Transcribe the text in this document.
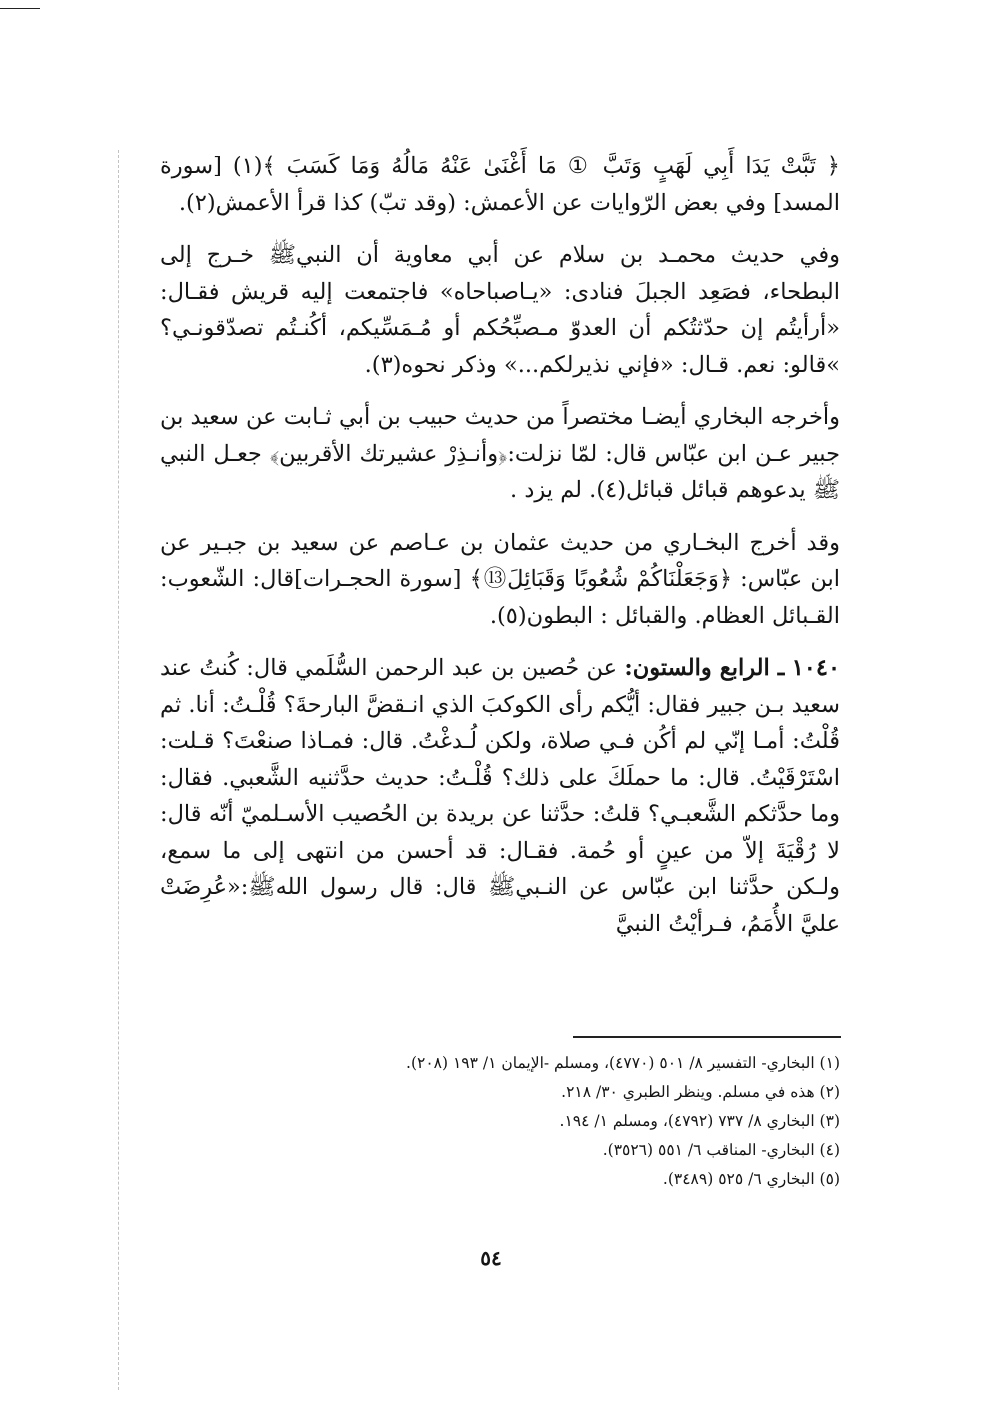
﴿ تَبَّتْ يَدَا أَبِي لَهَبٍ وَتَبَّ ① مَا أَغْنَىٰ عَنْهُ مَالُهُ وَمَا كَسَبَ ﴾(١) [سورة المسد] وفي بعض الرّوايات عن الأعمش: (وقد تبّ) كذا قرأ الأعمش(٢).

وفي حديث محمـد بن سلام عن أبي معاوية أن النبيﷺ خـرج إلى البطحاء، فصَعِد الجبلَ فنادى: «يـاصباحاه» فاجتمعت إليه قريش فقـال: «أرأيتُم إن حدّثتُكم أن العدوّ مـصبِّحُكم أو مُـمَسِّيكم، أكُنـتُم تصدّقونـي؟ »قالو: نعم. قـال: «فإني نذيرلكم...» وذكر نحوه(٣).

وأخرجه البخاري أيضـا مختصراً من حديث حبيب بن أبي ثـابت عن سعيد بن جبير عـن ابن عبّاس قال: لمّا نزلت:﴿وأنـذِرْ عشيرتك الأقربين﴾ جعـل النبي ﷺ يدعوهم قبائل قبائل(٤). لم يزد .

وقد أخرج البخـاري من حديث عثمان بن عـاصم عن سعيد بن جبـير عن ابن عبّاس: ﴿وَجَعَلْنَاكُمْ شُعُوبًا وَقَبَائِلَ⑬﴾ [سورة الحجـرات]قال: الشّعوب: القـبائل العظام. والقبائل : البطون(٥).

١٠٤٠ ـ الرابع والستون: عن حُصين بن عبد الرحمن السُّلَمي قال: كُنتُ عند سعيد بـن جبير فقال: أيُّكم رأى الكوكبَ الذي انـقضَّ البارحةَ؟ قُلْـتُ: أنا. ثم قُلْتُ: أمـا إنّي لم أكُن فـي صلاة، ولكن لُـدغْتُ. قال: فمـاذا صنعْتَ؟ قـلت: اسْتَرْقَيْتُ. قال: ما حملَكَ على ذلك؟ قُلْـتُ: حديث حدَّثنيه الشَّعبي. فقال: وما حدَّثكم الشَّعبـي؟ قلتُ: حدَّثنا عن بريدة بن الحُصيب الأسـلميّ أنّه قال: لا رُقْيَةَ إلاّ من عينٍ أو حُمة. فقـال: قد أحسن من انتهى إلى ما سمع، ولـكن حدَّثنا ابن عبّاس عن النـبيﷺ قال: قال رسول اللهﷺ:«عُرِضَتْ عليَّ الأُمَمُ، فـرأيْتُ النبيَّ

(١) البخاري- التفسير ٨/ ٥٠١ (٤٧٧٠)، ومسلم -الإيمان ١/ ١٩٣ (٢٠٨).

(٢) هذه في مسلم. وينظر الطبري ٣٠/ ٢١٨.

(٣) البخاري ٨/ ٧٣٧ (٤٧٩٢)، ومسلم ١/ ١٩٤.

(٤) البخاري- المناقب ٦/ ٥٥١ (٣٥٢٦).

(٥) البخاري ٦/ ٥٢٥ (٣٤٨٩).

٥٤
